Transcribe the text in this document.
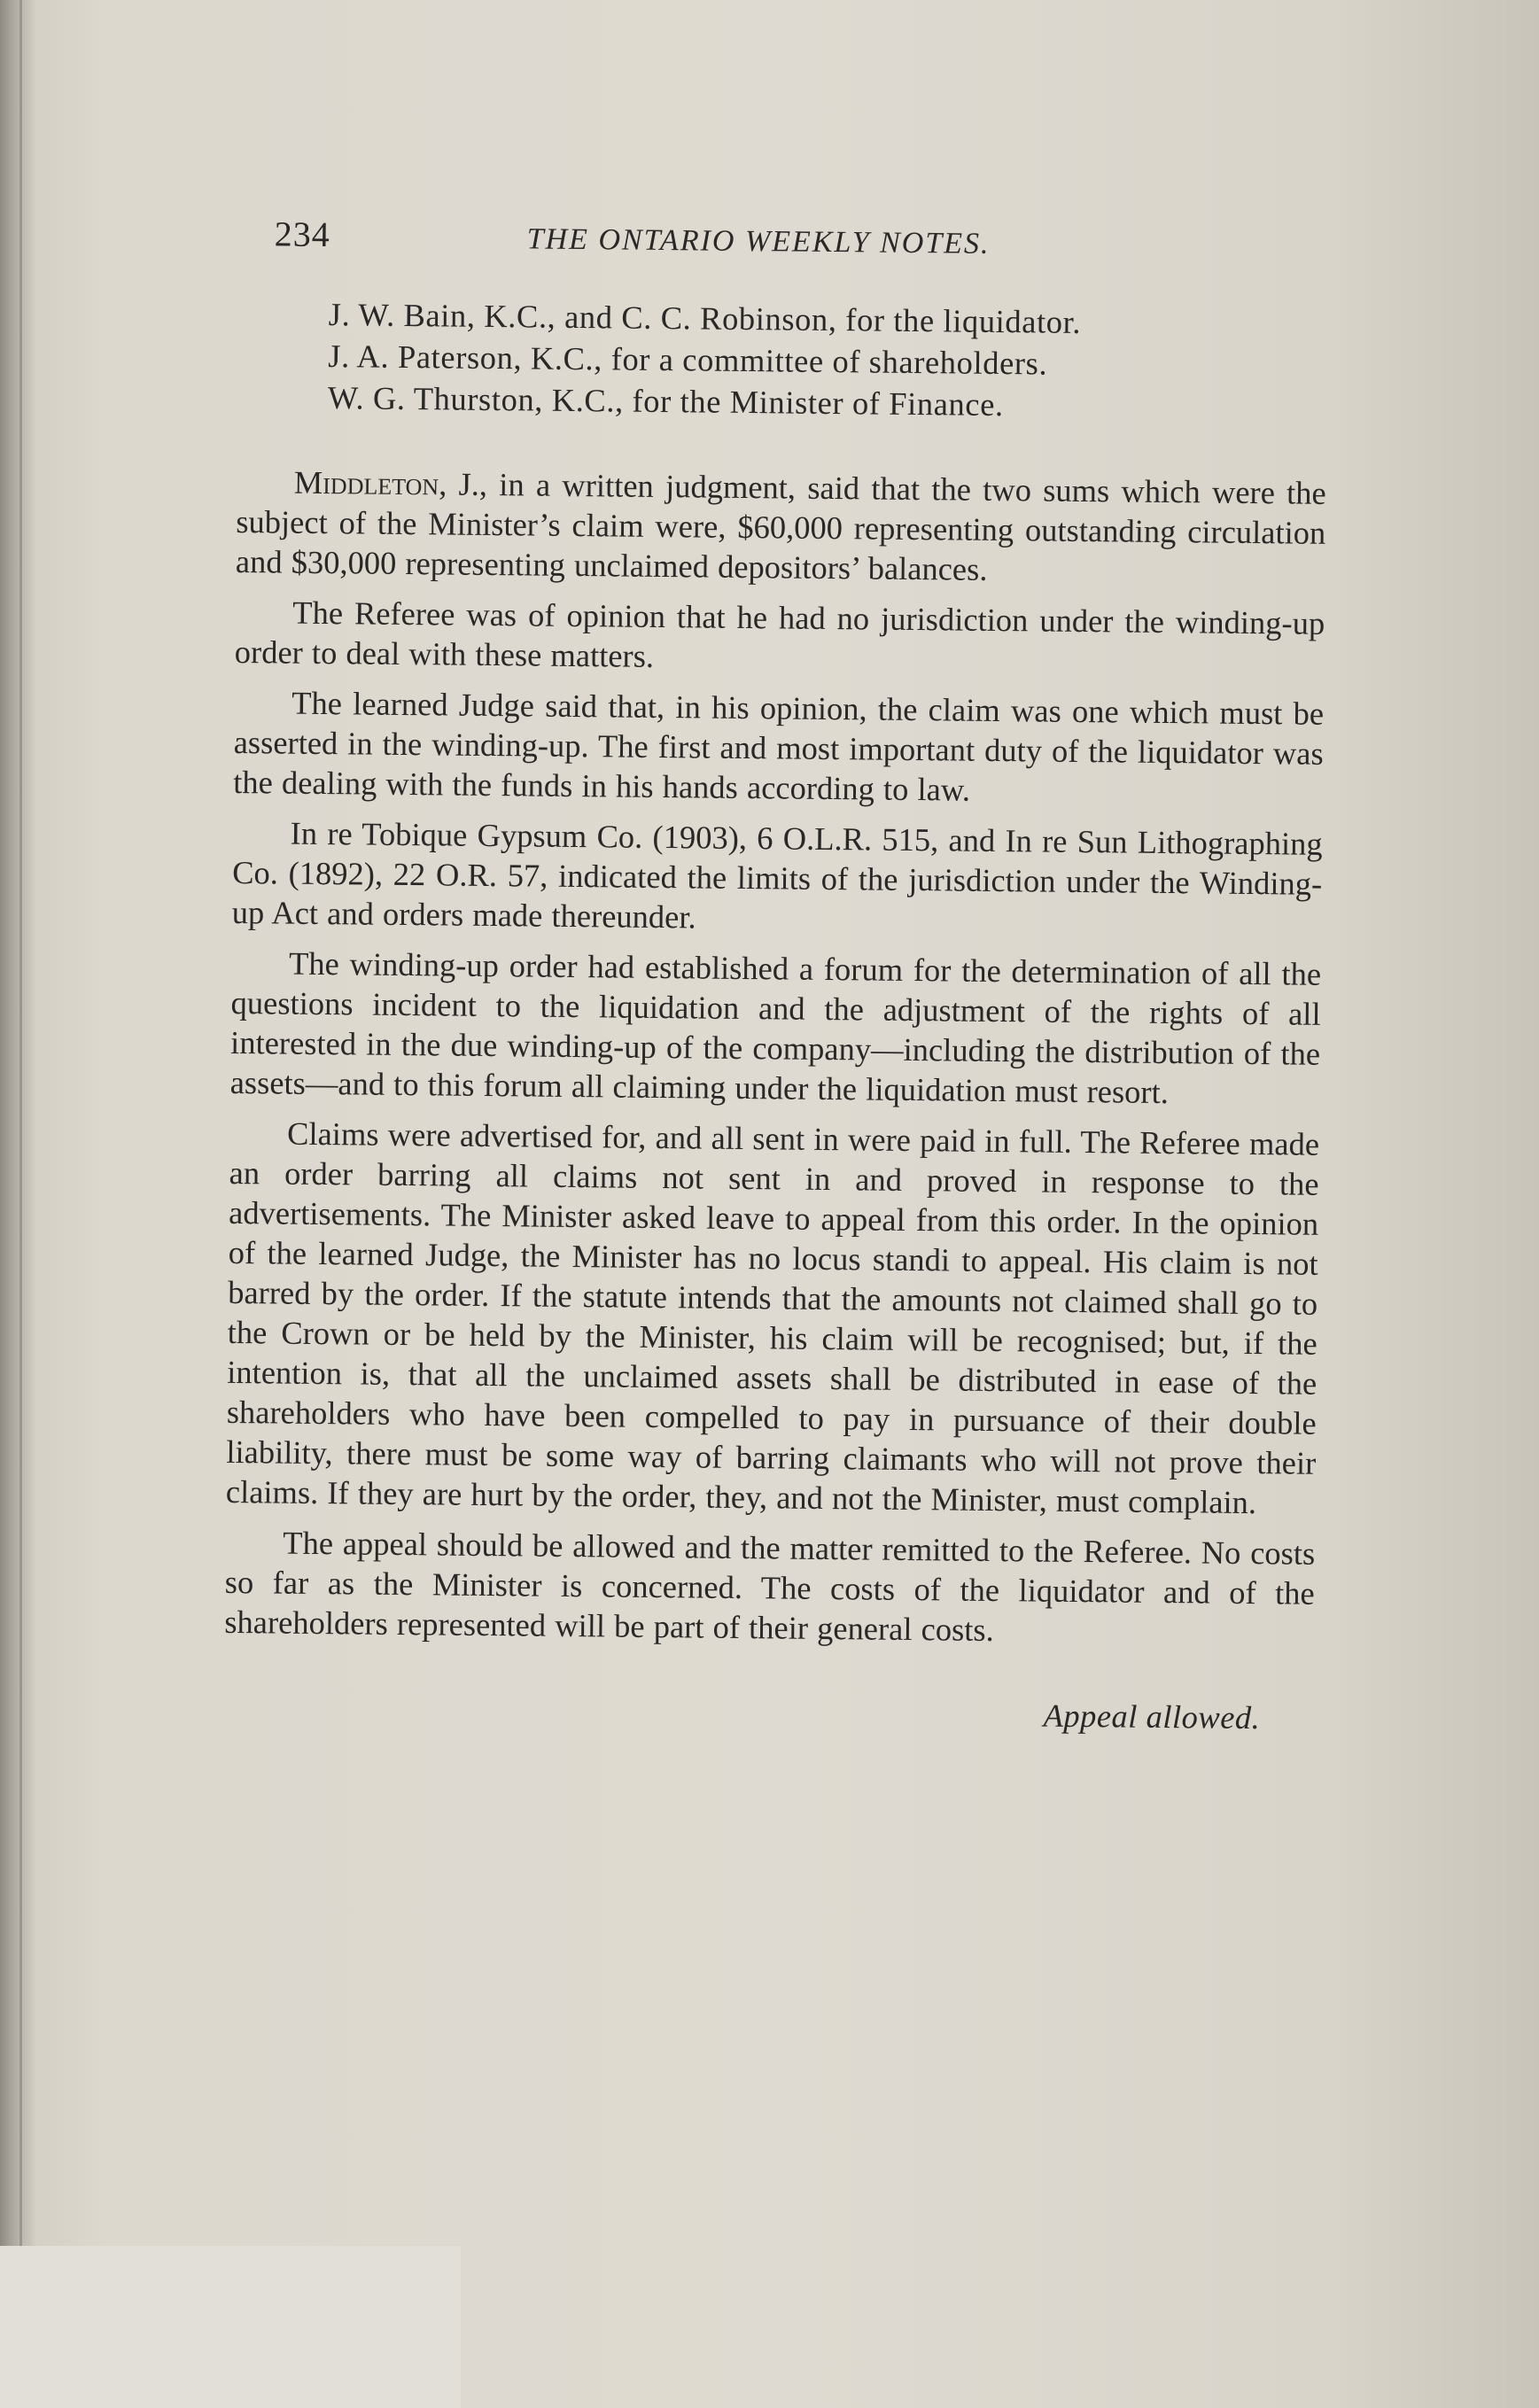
234	THE ONTARIO WEEKLY NOTES.
J. W. Bain, K.C., and C. C. Robinson, for the liquidator.
J. A. Paterson, K.C., for a committee of shareholders.
W. G. Thurston, K.C., for the Minister of Finance.

Middleton, J., in a written judgment, said that the two sums which were the subject of the Minister’s claim were, $60,000 representing outstanding circulation and $30,000 representing unclaimed depositors’ balances.

The Referee was of opinion that he had no jurisdiction under the winding-up order to deal with these matters.

The learned Judge said that, in his opinion, the claim was one which must be asserted in the winding-up. The first and most important duty of the liquidator was the dealing with the funds in his hands according to law.

In re Tobique Gypsum Co. (1903), 6 O.L.R. 515, and In re Sun Lithographing Co. (1892), 22 O.R. 57, indicated the limits of the jurisdiction under the Winding-up Act and orders made thereunder.

The winding-up order had established a forum for the determination of all the questions incident to the liquidation and the adjustment of the rights of all interested in the due winding-up of the company—including the distribution of the assets—and to this forum all claiming under the liquidation must resort.

Claims were advertised for, and all sent in were paid in full. The Referee made an order barring all claims not sent in and proved in response to the advertisements. The Minister asked leave to appeal from this order. In the opinion of the learned Judge, the Minister has no locus standi to appeal. His claim is not barred by the order. If the statute intends that the amounts not claimed shall go to the Crown or be held by the Minister, his claim will be recognised; but, if the intention is, that all the unclaimed assets shall be distributed in ease of the shareholders who have been compelled to pay in pursuance of their double liability, there must be some way of barring claimants who will not prove their claims. If they are hurt by the order, they, and not the Minister, must complain.

The appeal should be allowed and the matter remitted to the Referee. No costs so far as the Minister is concerned. The costs of the liquidator and of the shareholders represented will be part of their general costs.

Appeal allowed.
